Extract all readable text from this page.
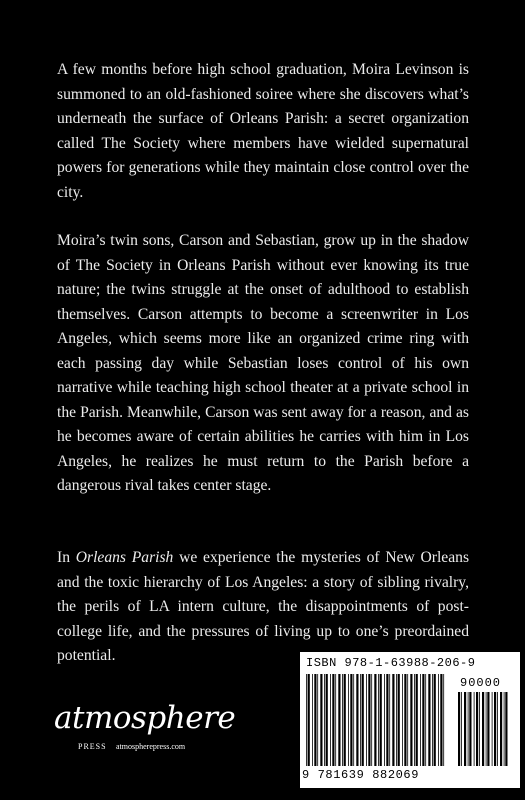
A few months before high school graduation, Moira Levinson is summoned to an old-fashioned soiree where she discovers what’s underneath the surface of Orleans Parish: a secret organization called The Society where members have wielded supernatural powers for generations while they maintain close control over the city.

Moira’s twin sons, Carson and Sebastian, grow up in the shadow of The Society in Orleans Parish without ever knowing its true nature; the twins struggle at the onset of adulthood to establish themselves. Carson attempts to become a screenwriter in Los Angeles, which seems more like an organized crime ring with each passing day while Sebastian loses control of his own narrative while teaching high school theater at a private school in the Parish. Meanwhile, Carson was sent away for a reason, and as he becomes aware of certain abilities he carries with him in Los Angeles, he realizes he must return to the Parish before a dangerous rival takes center stage.

In Orleans Parish we experience the mysteries of New Orleans and the toxic hierarchy of Los Angeles: a story of sibling rivalry, the perils of LA intern culture, the disappointments of post-college life, and the pressures of living up to one’s preordained potential.

atmosphere
PRESS atmospherepress.com
ISBN 978-1-63988-206-9
90000
9 781639 882069
